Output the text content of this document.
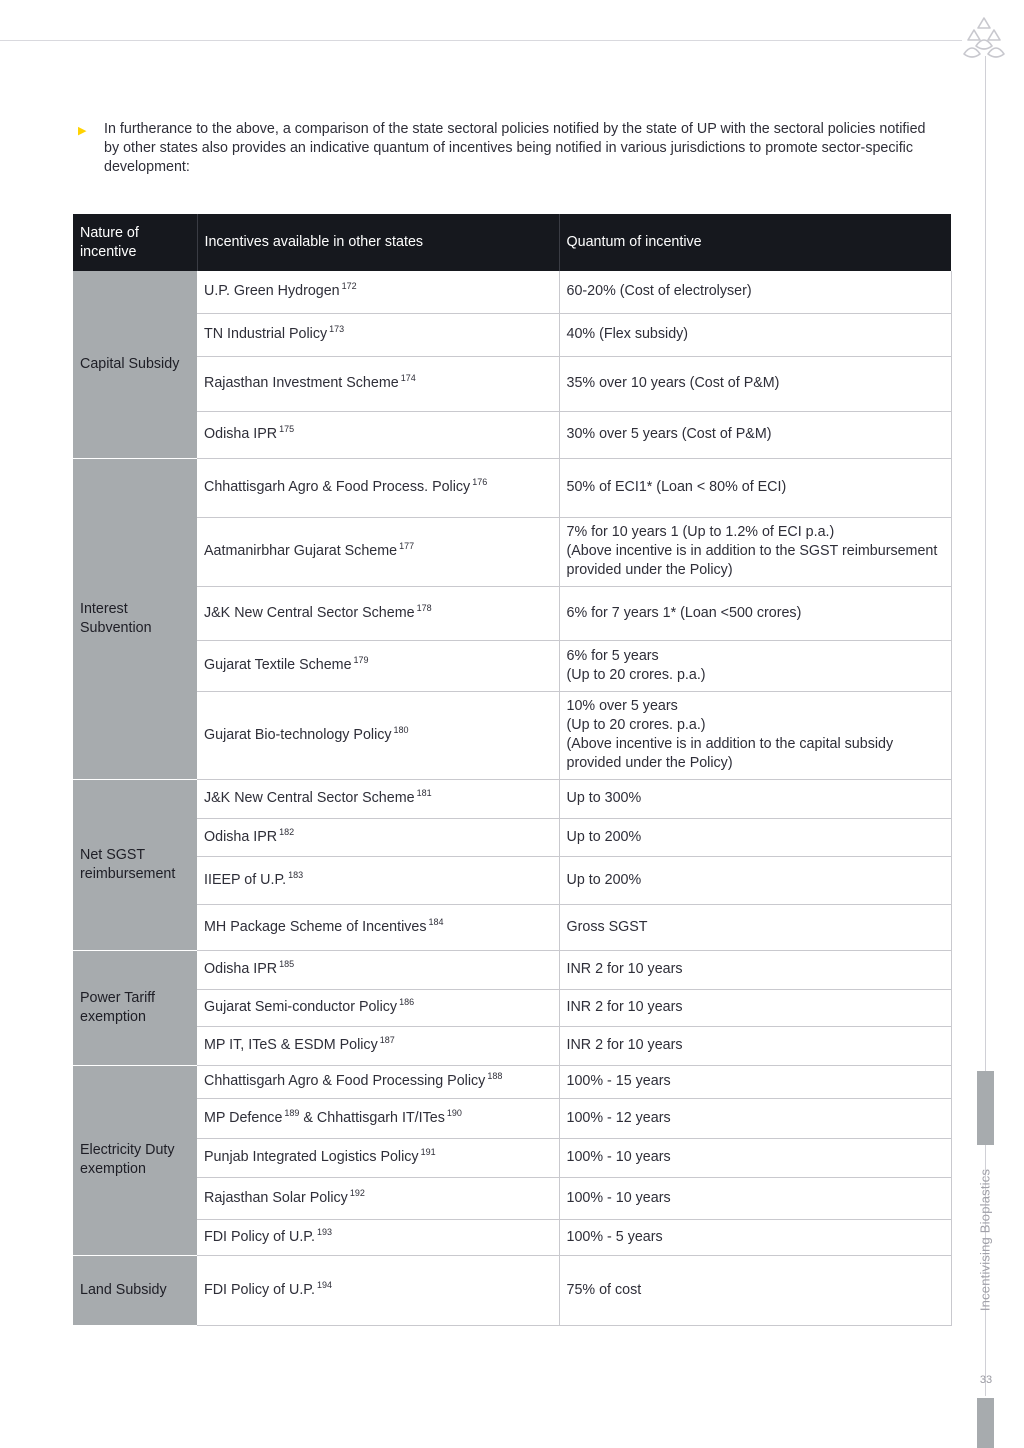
Incentivising Bioplastics
33
▶	In furtherance to the above, a comparison of the state sectoral policies notified by the state of UP with the sectoral policies notified by other states also provides an indicative quantum of incentives being notified in various jurisdictions to promote sector-specific development:
Nature of incentive	Incentives available in other states	Quantum of incentive
Capital Subsidy	U.P. Green Hydrogen $^{172}$	60-20% (Cost of electrolyser)
	TN Industrial Policy $^{173}$	40% (Flex subsidy)
	Rajasthan Investment Scheme $^{174}$	35% over 10 years (Cost of P&M)
	Odisha IPR $^{175}$	30% over 5 years (Cost of P&M)
Interest Subvention	Chhattisgarh Agro & Food Process. Policy $^{176}$	50% of ECI1* (Loan < 80% of ECI)
	Aatmanirbhar Gujarat Scheme $^{177}$	7% for 10 years 1 (Up to 1.2% of ECI p.a.)
(Above incentive is in addition to the SGST reimbursement provided under the Policy)
	J&K New Central Sector Scheme $^{178}$	6% for 7 years 1* (Loan <500 crores)
	Gujarat Textile Scheme $^{179}$	6% for 5 years
(Up to 20 crores. p.a.)
	Gujarat Bio-technology Policy $^{180}$	10% over 5 years
(Up to 20 crores. p.a.)
(Above incentive is in addition to the capital subsidy provided under the Policy)
Net SGST reimbursement	J&K New Central Sector Scheme $^{181}$	Up to 300%
	Odisha IPR $^{182}$	Up to 200%
	IIEEP of U.P. $^{183}$	Up to 200%
	MH Package Scheme of Incentives $^{184}$	Gross SGST
Power Tariff exemption	Odisha IPR $^{185}$	INR 2 for 10 years
	Gujarat Semi-conductor Policy $^{186}$	INR 2 for 10 years
	MP IT, ITeS & ESDM Policy $^{187}$	INR 2 for 10 years
Electricity Duty exemption	Chhattisgarh Agro & Food Processing Policy $^{188}$	100% - 15 years
	MP Defence $^{189}$ & Chhattisgarh IT/ITes $^{190}$	100% - 12 years
	Punjab Integrated Logistics Policy $^{191}$	100% - 10 years
	Rajasthan Solar Policy $^{192}$	100% - 10 years
	FDI Policy of U.P. $^{193}$	100% - 5 years
Land Subsidy	FDI Policy of U.P. $^{194}$	75% of cost
